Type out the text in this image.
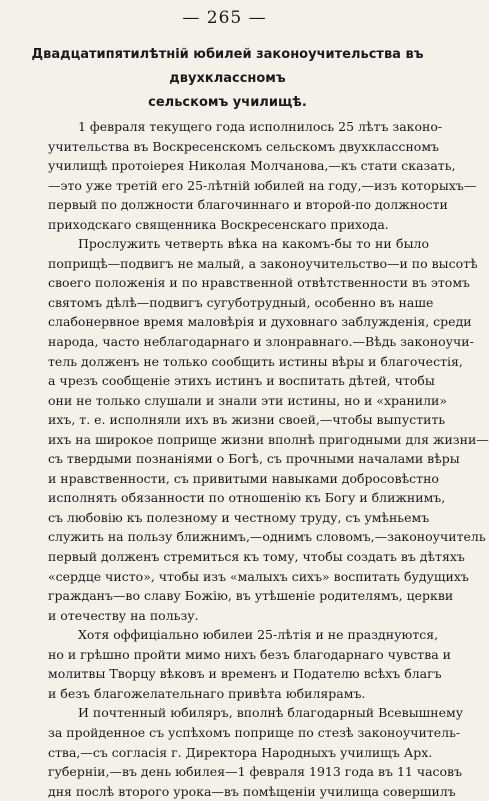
— 265 —
Двадцатипятилѣтній юбилей законоучительства въ двухклассномъ
сельскомъ училищѣ.
1 февраля текущего года исполнилось 25 лѣтъ законо-
учительства въ Воскресенскомъ сельскомъ двухклассномъ
училищѣ протоіерея Николая Молчанова,—къ стати сказать,
—это уже третій его 25-лѣтній юбилей на году,—изъ которыхъ—
первый по должности благочиннаго и второй-по должности
приходскаго священника Воскресенскаго прихода.
Прослужить четверть вѣка на какомъ-бы то ни было
поприщѣ—подвигъ не малый, а законоучительство—и по высотѣ
своего положенія и по нравственной отвѣтственности въ этомъ
святомъ дѣлѣ—подвигъ сугуботрудный, особенно въ наше
слабонервное время маловѣрія и духовнаго заблужденія, среди
народа, часто неблагодарнаго и злонравнаго.—Вѣдь законоучи-
тель долженъ не только сообщить истины вѣры и благочестія,
а чрезъ сообщеніе этихъ истинъ и воспитать дѣтей, чтобы
они не только слушали и знали эти истины, но и «хранили»
ихъ, т. е. исполняли ихъ въ жизни своей,—чтобы выпустить
ихъ на широкое поприще жизни вполнѣ пригодными для жизни—
съ твердыми познаніями о Богѣ, съ прочными началами вѣры
и нравственности, съ привитыми навыками добросовѣстно
исполнять обязанности по отношенію къ Богу и ближнимъ,
съ любовію къ полезному и честному труду, съ умѣньемъ
служить на пользу ближнимъ,—однимъ словомъ,—законоучитель
первый долженъ стремиться къ тому, чтобы создать въ дѣтяхъ
«сердце чисто», чтобы изъ «малыхъ сихъ» воспитать будущихъ
гражданъ—во славу Божію, въ утѣшеніе родителямъ, церкви
и отечеству на пользу.
Хотя оффиціально юбилеи 25-лѣтія и не празднуются,
но и грѣшно пройти мимо нихъ безъ благодарнаго чувства и
молитвы Творцу вѣковъ и временъ и Подателю всѣхъ благъ
и безъ благожелательнаго привѣта юбилярамъ.
И почтенный юбиляръ, вполнѣ благодарный Всевышнему
за пройденное съ успѣхомъ поприще по стезѣ законоучитель-
ства,—съ согласія г. Директора Народныхъ училищъ Арх.
губерніи,—въ день юбилея—1 февраля 1913 года въ 11 часовъ
дня послѣ второго урока—въ помѣщеніи училища совершилъ
